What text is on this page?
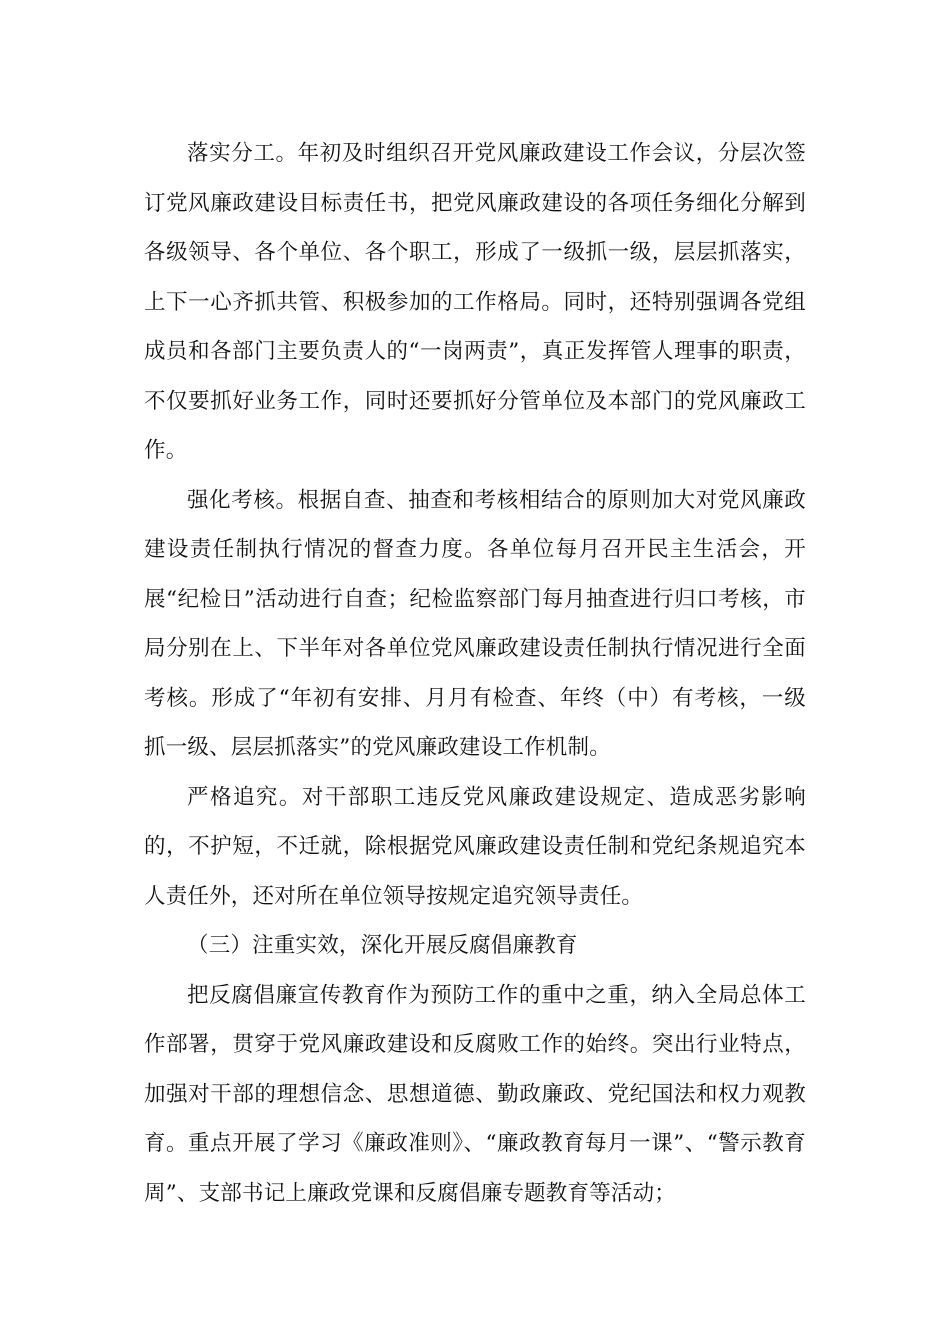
落实分工。年初及时组织召开党风廉政建设工作会议，分层次签订党风廉政建设目标责任书，把党风廉政建设的各项任务细化分解到各级领导、各个单位、各个职工，形成了一级抓一级，层层抓落实，上下一心齐抓共管、积极参加的工作格局。同时，还特别强调各党组成员和各部门主要负责人的“一岗两责”，真正发挥管人理事的职责，不仅要抓好业务工作，同时还要抓好分管单位及本部门的党风廉政工作。

强化考核。根据自查、抽查和考核相结合的原则加大对党风廉政建设责任制执行情况的督查力度。各单位每月召开民主生活会，开展“纪检日”活动进行自查；纪检监察部门每月抽查进行归口考核，市局分别在上、下半年对各单位党风廉政建设责任制执行情况进行全面考核。形成了“年初有安排、月月有检查、年终（中）有考核，一级抓一级、层层抓落实”的党风廉政建设工作机制。

严格追究。对干部职工违反党风廉政建设规定、造成恶劣影响的，不护短，不迁就，除根据党风廉政建设责任制和党纪条规追究本人责任外，还对所在单位领导按规定追究领导责任。

（三）注重实效，深化开展反腐倡廉教育

把反腐倡廉宣传教育作为预防工作的重中之重，纳入全局总体工作部署，贯穿于党风廉政建设和反腐败工作的始终。突出行业特点，加强对干部的理想信念、思想道德、勤政廉政、党纪国法和权力观教育。重点开展了学习《廉政准则》、“廉政教育每月一课”、“警示教育周”、支部书记上廉政党课和反腐倡廉专题教育等活动；
